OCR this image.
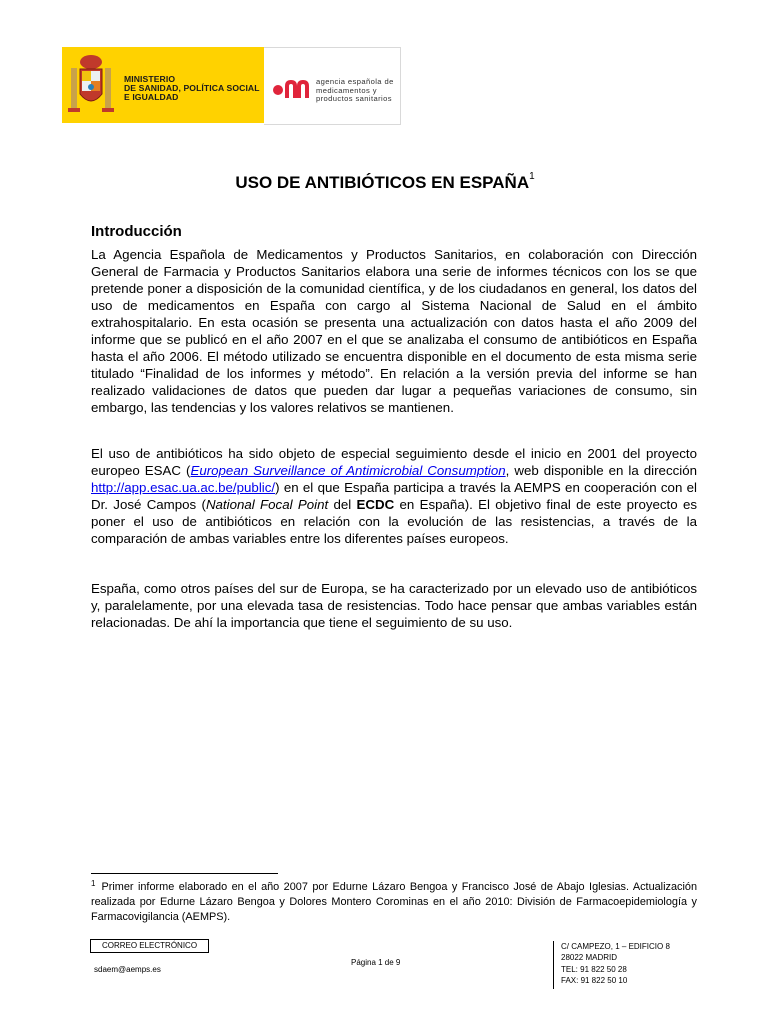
MINISTERIO
DE SANIDAD, POLÍTICA SOCIAL
E IGUALDAD
agencia española de
medicamentos y
productos sanitarios
USO DE ANTIBIÓTICOS EN ESPAÑA$^1$
Introducción
La Agencia Española de Medicamentos y Productos Sanitarios, en colaboración con Dirección General de Farmacia y Productos Sanitarios elabora una serie de informes técnicos con los se que pretende poner a disposición de la comunidad científica, y de los ciudadanos en general, los datos del uso de medicamentos en España con cargo al Sistema Nacional de Salud en el ámbito extrahospitalario. En esta ocasión se presenta una actualización con datos hasta el año 2009 del informe que se publicó en el año 2007 en el que se analizaba el consumo de antibióticos en España hasta el año 2006. El método utilizado se encuentra disponible en el documento de esta misma serie titulado “Finalidad de los informes y método”. En relación a la versión previa del informe se han realizado validaciones de datos que pueden dar lugar a pequeñas variaciones de consumo, sin embargo, las tendencias y los valores relativos se mantienen.
El uso de antibióticos ha sido objeto de especial seguimiento desde el inicio en 2001 del proyecto europeo ESAC (European Surveillance of Antimicrobial Consumption, web disponible en la dirección http://app.esac.ua.ac.be/public/) en el que España participa a través la AEMPS en cooperación con el Dr. José Campos (National Focal Point del ECDC en España). El objetivo final de este proyecto es poner el uso de antibióticos en relación con la evolución de las resistencias, a través de la comparación de ambas variables entre los diferentes países europeos.
España, como otros países del sur de Europa, se ha caracterizado por un elevado uso de antibióticos y, paralelamente, por una elevada tasa de resistencias. Todo hace pensar que ambas variables están relacionadas. De ahí la importancia que tiene el seguimiento de su uso.
$^1$ Primer informe elaborado en el año 2007 por Edurne Lázaro Bengoa y Francisco José de Abajo Iglesias. Actualización realizada por Edurne Lázaro Bengoa y Dolores Montero Corominas en el año 2010: División de Farmacoepidemiología y Farmacovigilancia (AEMPS).
CORREO ELECTRÓNICO
sdaem@aemps.es
Página 1 de 9
C/ CAMPEZO, 1 – EDIFICIO 8
28022 MADRID
TEL: 91 822 50 28
FAX: 91 822 50 10
